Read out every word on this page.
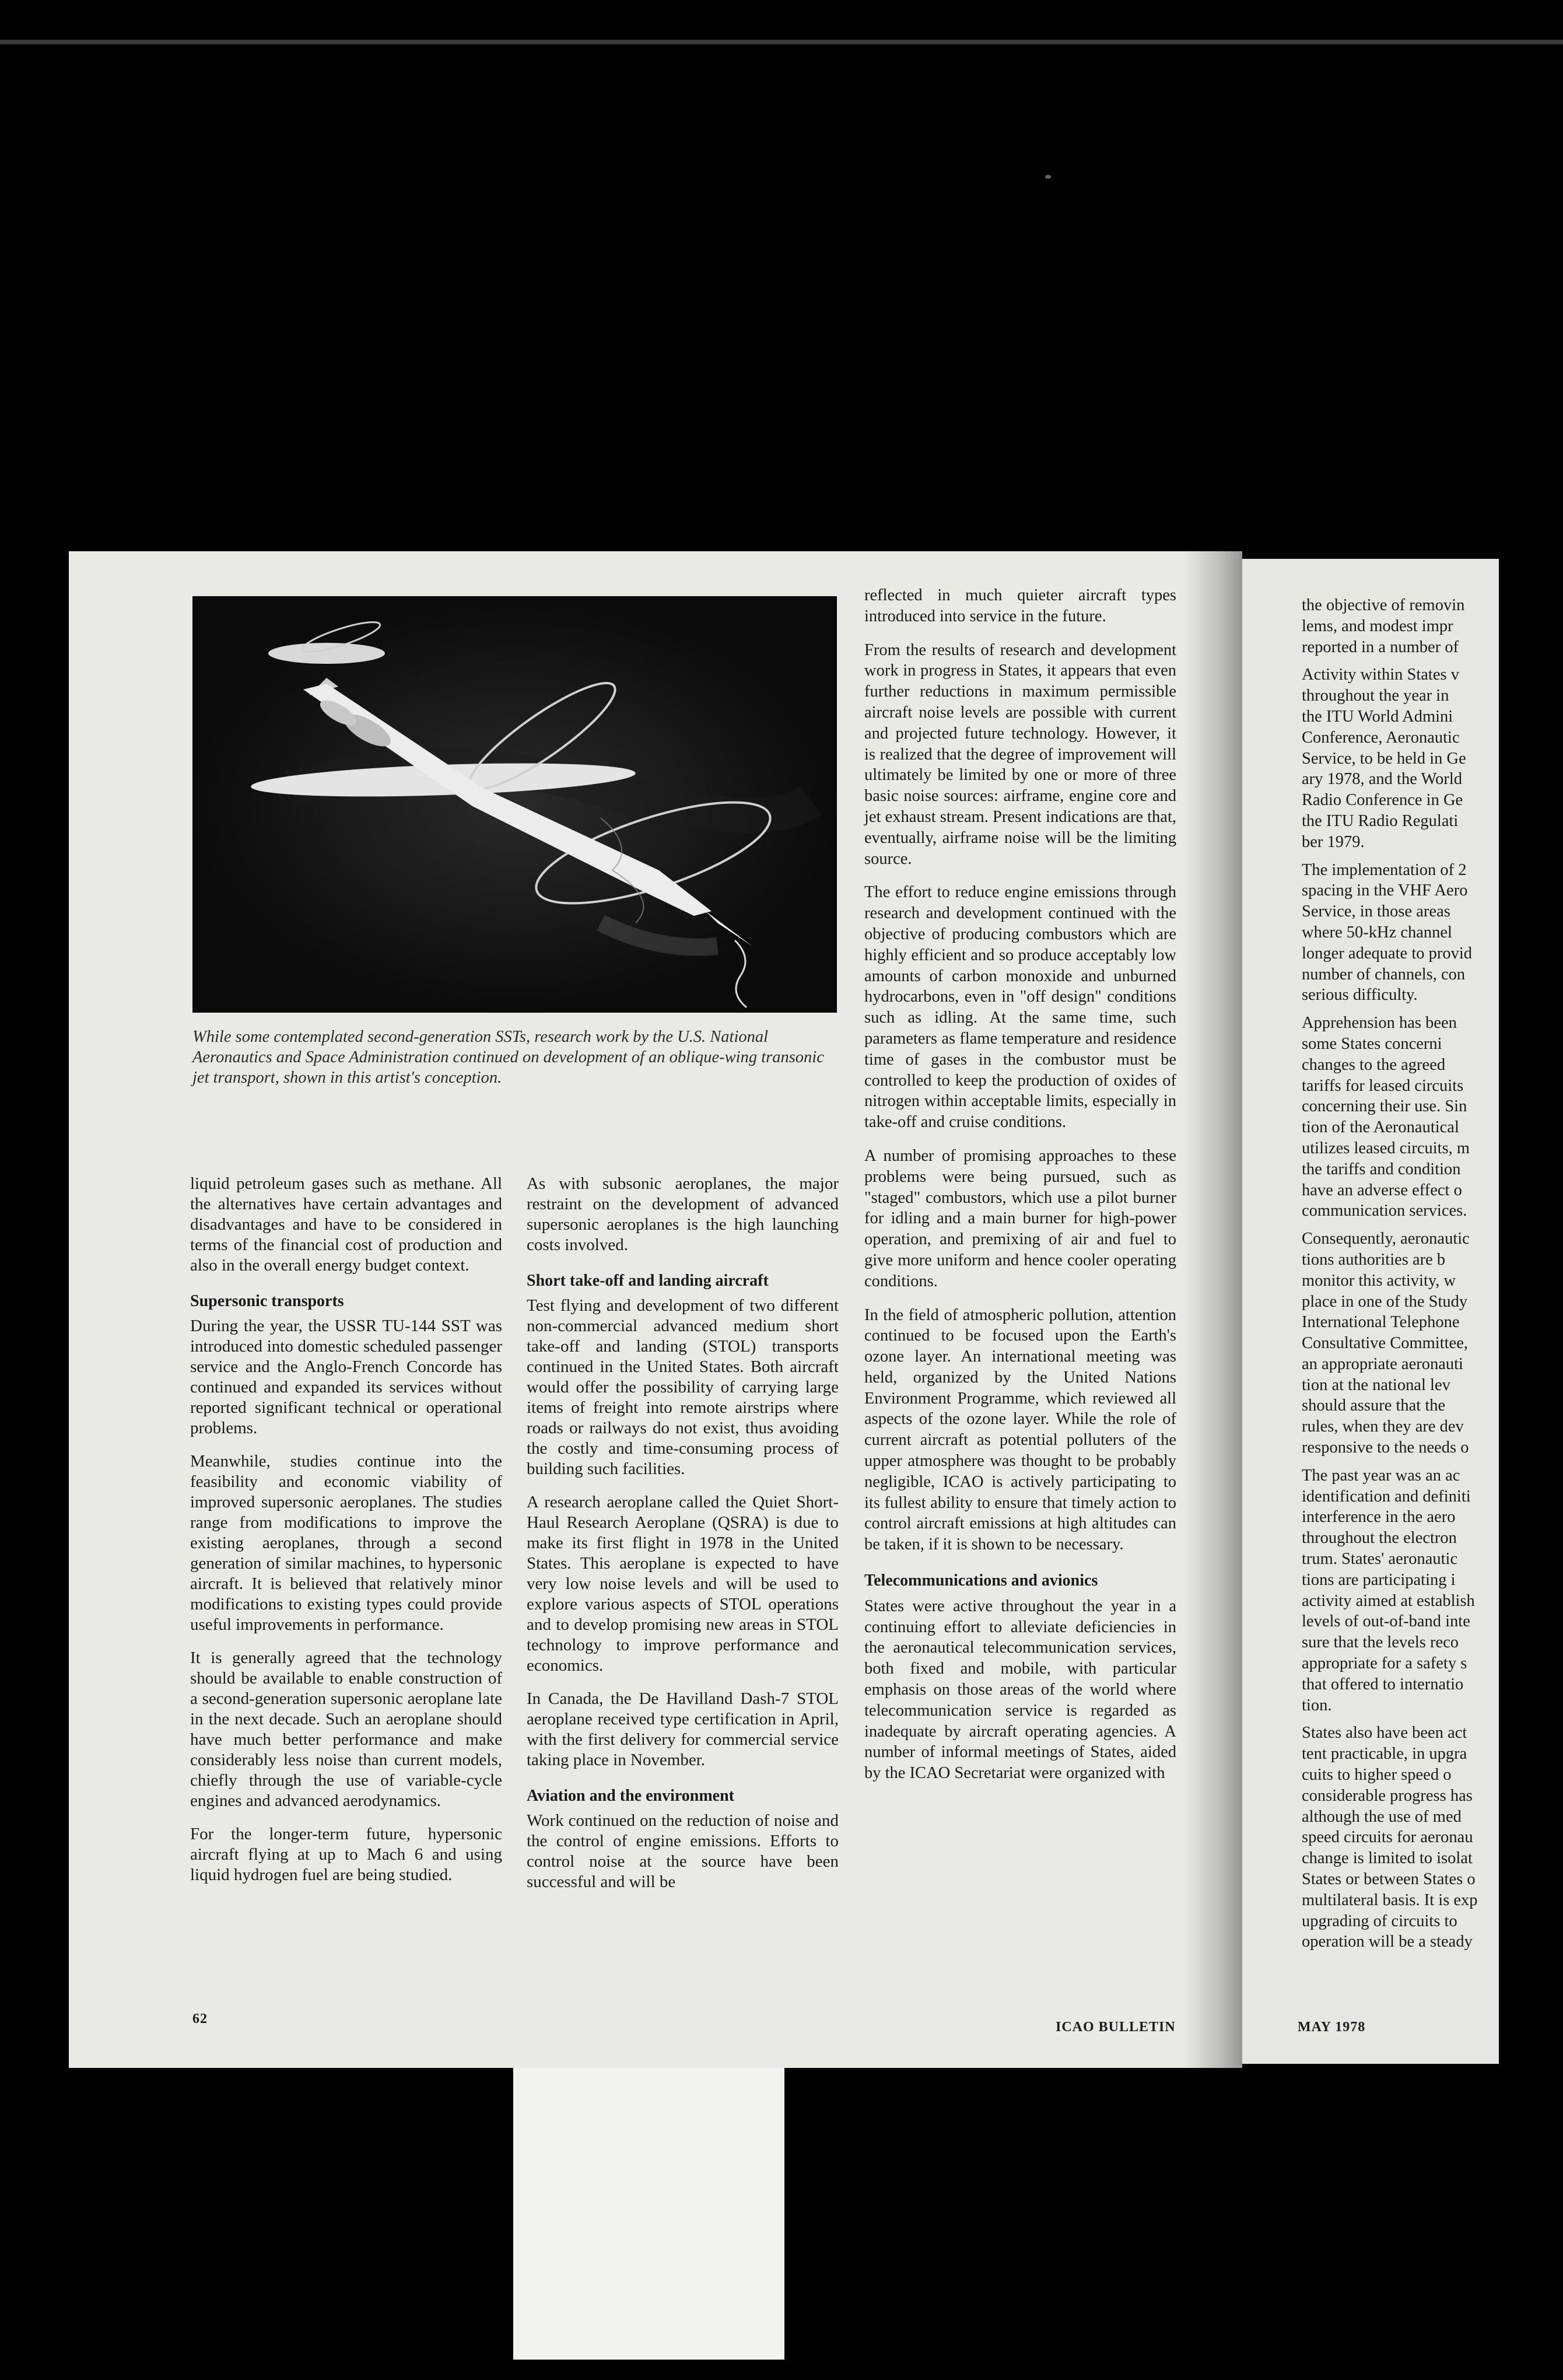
While some contemplated second-generation SSTs, research work by the U.S. National Aeronautics and Space Administration continued on development of an oblique-wing transonic jet transport, shown in this artist's conception.

liquid petroleum gases such as methane. All the alternatives have certain advantages and disadvantages and have to be considered in terms of the financial cost of production and also in the overall energy budget context.

Supersonic transports

During the year, the USSR TU-144 SST was introduced into domestic scheduled passenger service and the Anglo-French Concorde has continued and expanded its services without reported significant technical or operational problems.

Meanwhile, studies continue into the feasibility and economic viability of improved supersonic aeroplanes. The studies range from modifications to improve the existing aeroplanes, through a second generation of similar machines, to hypersonic aircraft. It is believed that relatively minor modifications to existing types could provide useful improvements in performance.

It is generally agreed that the technology should be available to enable construction of a second-generation supersonic aeroplane late in the next decade. Such an aeroplane should have much better performance and make considerably less noise than current models, chiefly through the use of variable-cycle engines and advanced aerodynamics.

For the longer-term future, hypersonic aircraft flying at up to Mach 6 and using liquid hydrogen fuel are being studied.

As with subsonic aeroplanes, the major restraint on the development of advanced supersonic aeroplanes is the high launching costs involved.

Short take-off and landing aircraft

Test flying and development of two different non-commercial advanced medium short take-off and landing (STOL) transports continued in the United States. Both aircraft would offer the possibility of carrying large items of freight into remote airstrips where roads or railways do not exist, thus avoiding the costly and time-consuming process of building such facilities.

A research aeroplane called the Quiet Short-Haul Research Aeroplane (QSRA) is due to make its first flight in 1978 in the United States. This aeroplane is expected to have very low noise levels and will be used to explore various aspects of STOL operations and to develop promising new areas in STOL technology to improve performance and economics.

In Canada, the De Havilland Dash-7 STOL aeroplane received type certification in April, with the first delivery for commercial service taking place in November.

Aviation and the environment

Work continued on the reduction of noise and the control of engine emissions. Efforts to control noise at the source have been successful and will be

reflected in much quieter aircraft types introduced into service in the future.

From the results of research and development work in progress in States, it appears that even further reductions in maximum permissible aircraft noise levels are possible with current and projected future technology. However, it is realized that the degree of improvement will ultimately be limited by one or more of three basic noise sources: airframe, engine core and jet exhaust stream. Present indications are that, eventually, airframe noise will be the limiting source.

The effort to reduce engine emissions through research and development continued with the objective of producing combustors which are highly efficient and so produce acceptably low amounts of carbon monoxide and unburned hydrocarbons, even in "off design" conditions such as idling. At the same time, such parameters as flame temperature and residence time of gases in the combustor must be controlled to keep the production of oxides of nitrogen within acceptable limits, especially in take-off and cruise conditions.

A number of promising approaches to these problems were being pursued, such as "staged" combustors, which use a pilot burner for idling and a main burner for high-power operation, and premixing of air and fuel to give more uniform and hence cooler operating conditions.

In the field of atmospheric pollution, attention continued to be focused upon the Earth's ozone layer. An international meeting was held, organized by the United Nations Environment Programme, which reviewed all aspects of the ozone layer. While the role of current aircraft as potential polluters of the upper atmosphere was thought to be probably negligible, ICAO is actively participating to its fullest ability to ensure that timely action to control aircraft emissions at high altitudes can be taken, if it is shown to be necessary.

Telecommunications and avionics

States were active throughout the year in a continuing effort to alleviate deficiencies in the aeronautical telecommunication services, both fixed and mobile, with particular emphasis on those areas of the world where telecommunication service is regarded as inadequate by aircraft operating agencies. A number of informal meetings of States, aided by the ICAO Secretariat were organized with

the objective of removin
lems, and modest impr
reported in a number of
Activity within States v
throughout the year in
the ITU World Admini
Conference, Aeronautic
Service, to be held in Ge
ary 1978, and the World
Radio Conference in Ge
the ITU Radio Regulati
ber 1979.
The implementation of 2
spacing in the VHF Aero
Service, in those areas
where 50-kHz channel
longer adequate to provid
number of channels, con
serious difficulty.
Apprehension has been
some States concerni
changes to the agreed
tariffs for leased circuits
concerning their use. Sin
tion of the Aeronautical
utilizes leased circuits, m
the tariffs and condition
have an adverse effect o
communication services.
Consequently, aeronautic
tions authorities are b
monitor this activity, w
place in one of the Study
International Telephone
Consultative Committee,
an appropriate aeronauti
tion at the national lev
should assure that the
rules, when they are dev
responsive to the needs o
The past year was an ac
identification and definiti
interference in the aero
throughout the electron
trum. States' aeronautic
tions are participating i
activity aimed at establish
levels of out-of-band inte
sure that the levels reco
appropriate for a safety s
that offered to internatio
tion.
States also have been act
tent practicable, in upgra
cuits to higher speed o
considerable progress has
although the use of med
speed circuits for aeronau
change is limited to isolat
States or between States o
multilateral basis. It is exp
upgrading of circuits to
operation will be a steady
62
ICAO BULLETIN	MAY 1978
